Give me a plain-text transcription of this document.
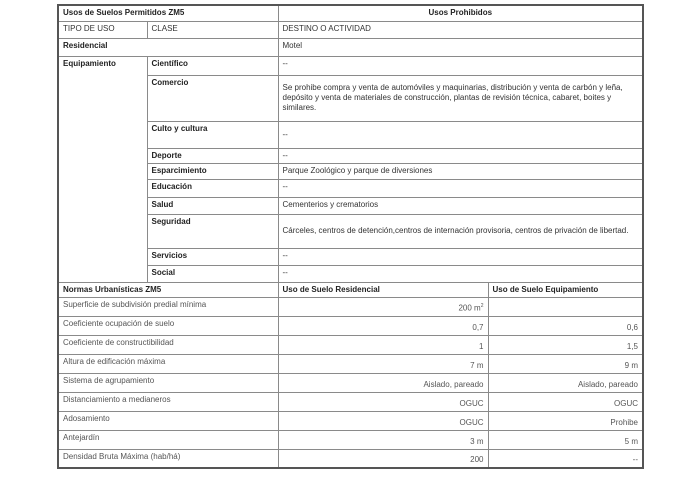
Usos de Suelos Permitidos ZM5		Usos Prohibidos	
TIPO DE USO	CLASE	DESTINO O ACTIVIDAD	
Residencial		Motel	
Equipamiento	Científico	--	
	Comercio	Se prohibe compra y venta de automóviles y maquinarias, distribución y venta de carbón y leña, depósito y venta de materiales de construcción, plantas de revisión técnica, cabaret, boites y similares.	
	Culto y cultura	--	
	Deporte	--	
	Esparcimiento	Parque Zoológico y parque de diversiones	
	Educación	--	
	Salud	Cementerios y crematorios	
	Seguridad	Cárceles, centros de detención,centros de internación provisoria, centros de privación de libertad.	
	Servicios	--	
	Social	--	
Normas Urbanísticas ZM5		Uso de Suelo Residencial	Uso de Suelo Equipamiento
Superficie de subdivisión predial mínima		200 $m^2$	
Coeficiente ocupación de suelo		0,7	0,6
Coeficiente de constructibilidad		1	1,5
Altura de edificación máxima		7 m	9 m
Sistema de agrupamiento		Aislado, pareado	Aislado, pareado
Distanciamiento a medianeros		OGUC	OGUC
Adosamiento		OGUC	Prohibe
Antejardín		3 m	5 m
Densidad Bruta Máxima (hab/há)		200	--
